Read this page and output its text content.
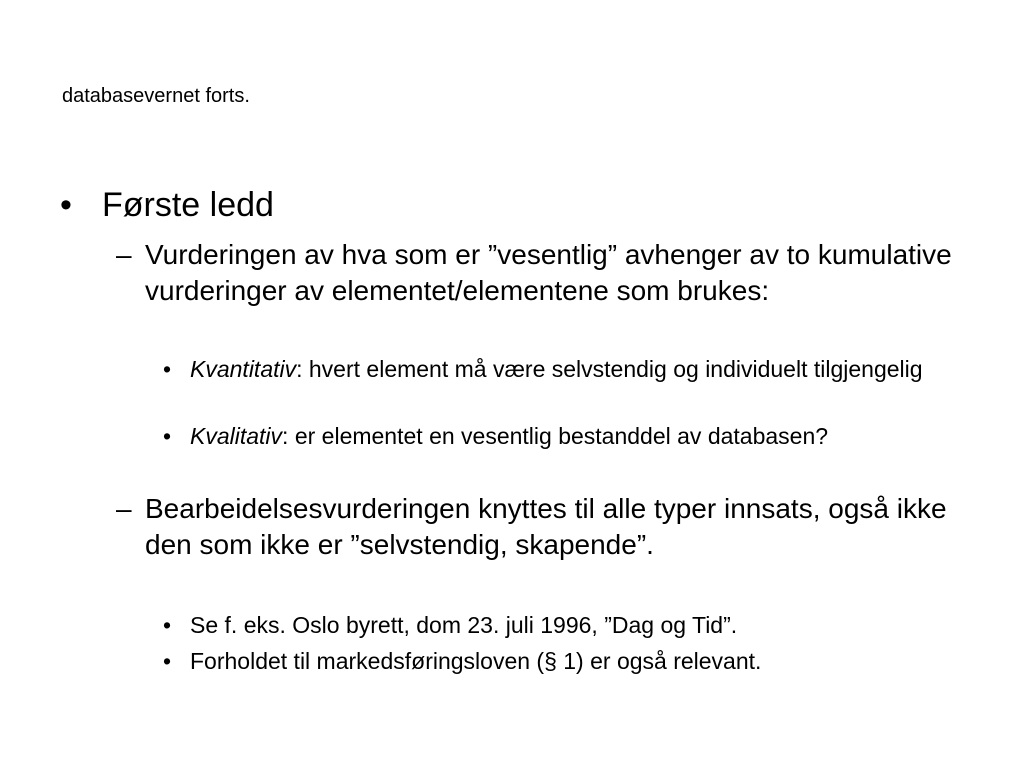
databasevernet forts.
• Første ledd
– Vurderingen av hva som er ”vesentlig” avhenger av to kumulative vurderinger av elementet/elementene som brukes:
• Kvantitativ: hvert element må være selvstendig og individuelt tilgjengelig
• Kvalitativ: er elementet en vesentlig bestanddel av databasen?
– Bearbeidelsesvurderingen knyttes til alle typer innsats, også ikke den som ikke er ”selvstendig, skapende”.
• Se f. eks. Oslo byrett, dom 23. juli 1996, ”Dag og Tid”.
• Forholdet til markedsføringsloven (§ 1) er også relevant.
